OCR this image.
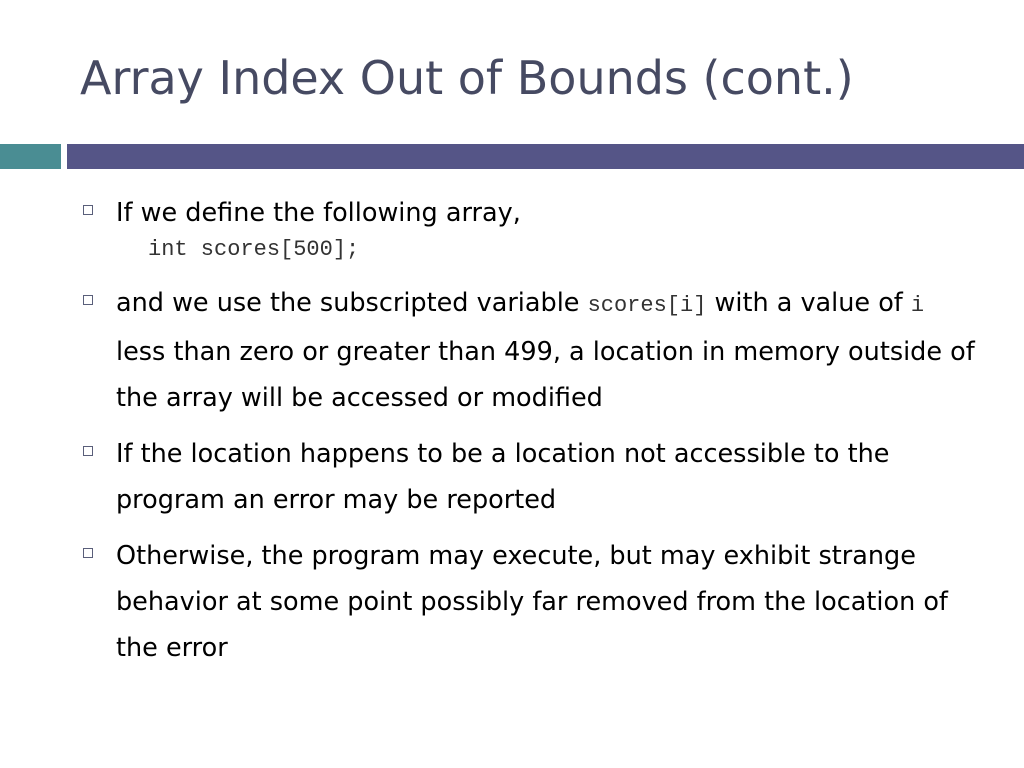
Array Index Out of Bounds (cont.)
If we define the following array,
int scores[500];
and we use the subscripted variable scores[i] with a value of i less than zero or greater than 499, a location in memory outside of the array will be accessed or modified
If the location happens to be a location not accessible to the program an error may be reported
Otherwise, the program may execute, but may exhibit strange behavior at some point possibly far removed from the location of the error
